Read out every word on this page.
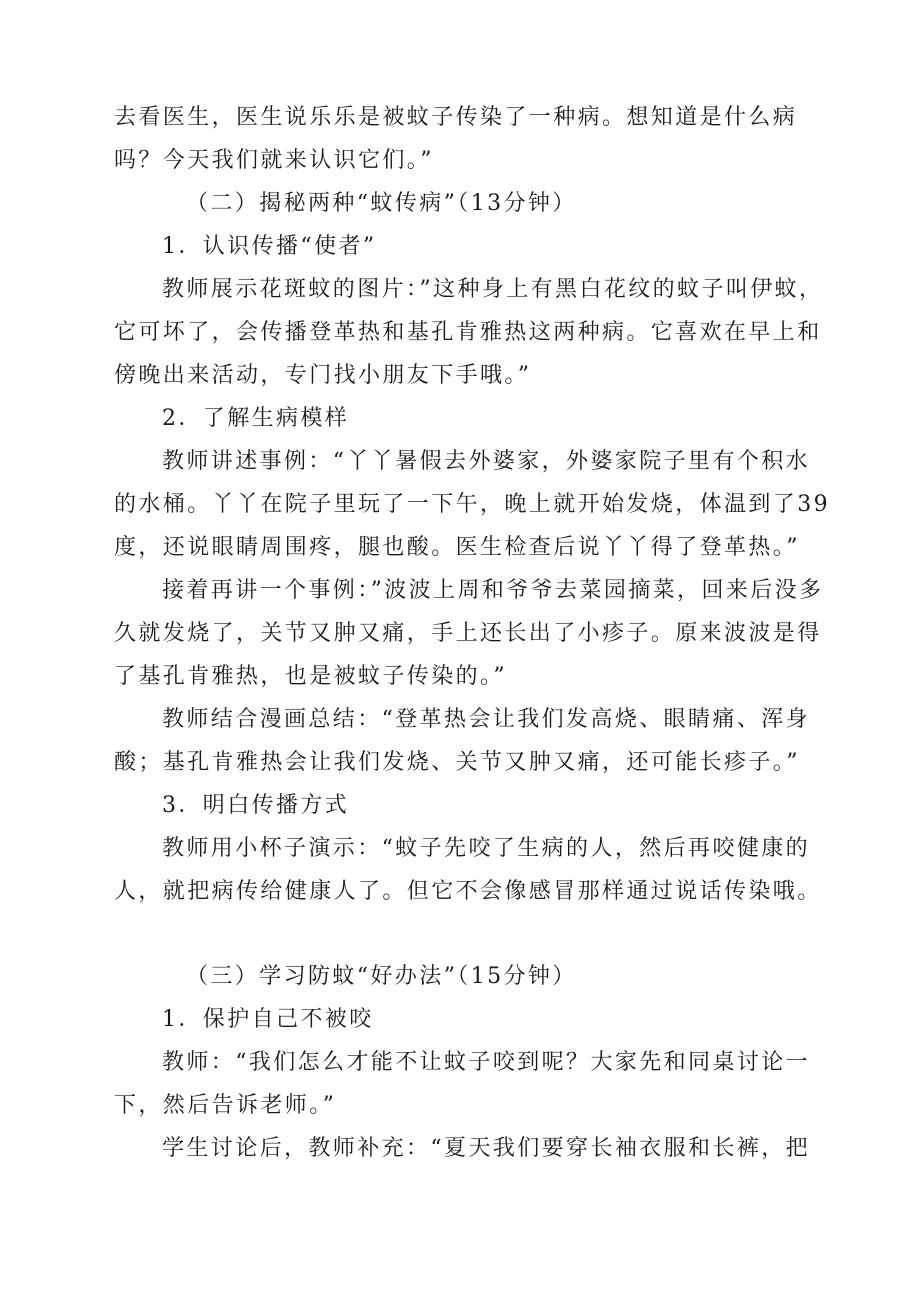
去看医生，医生说乐乐是被蚊子传染了一种病。想知道是什么病吗？今天我们就来认识它们。”

（二）揭秘两种“蚊传病”（13分钟）

1．认识传播“使者”

教师展示花斑蚊的图片：”这种身上有黑白花纹的蚊子叫伊蚊，它可坏了，会传播登革热和基孔肯雅热这两种病。它喜欢在早上和傍晚出来活动，专门找小朋友下手哦。”

2．了解生病模样

教师讲述事例：“丫丫暑假去外婆家，外婆家院子里有个积水的水桶。丫丫在院子里玩了一下午，晚上就开始发烧，体温到了39度，还说眼睛周围疼，腿也酸。医生检查后说丫丫得了登革热。”

接着再讲一个事例：”波波上周和爷爷去菜园摘菜，回来后没多久就发烧了，关节又肿又痛，手上还长出了小疹子。原来波波是得了基孔肯雅热，也是被蚊子传染的。”

教师结合漫画总结：“登革热会让我们发高烧、眼睛痛、浑身酸；基孔肯雅热会让我们发烧、关节又肿又痛，还可能长疹子。”

3．明白传播方式

教师用小杯子演示：“蚊子先咬了生病的人，然后再咬健康的人，就把病传给健康人了。但它不会像感冒那样通过说话传染哦。

（三）学习防蚊“好办法”（15分钟）

1．保护自己不被咬

教师：“我们怎么才能不让蚊子咬到呢？大家先和同桌讨论一下，然后告诉老师。”

学生讨论后，教师补充：“夏天我们要穿长袖衣服和长裤，把
